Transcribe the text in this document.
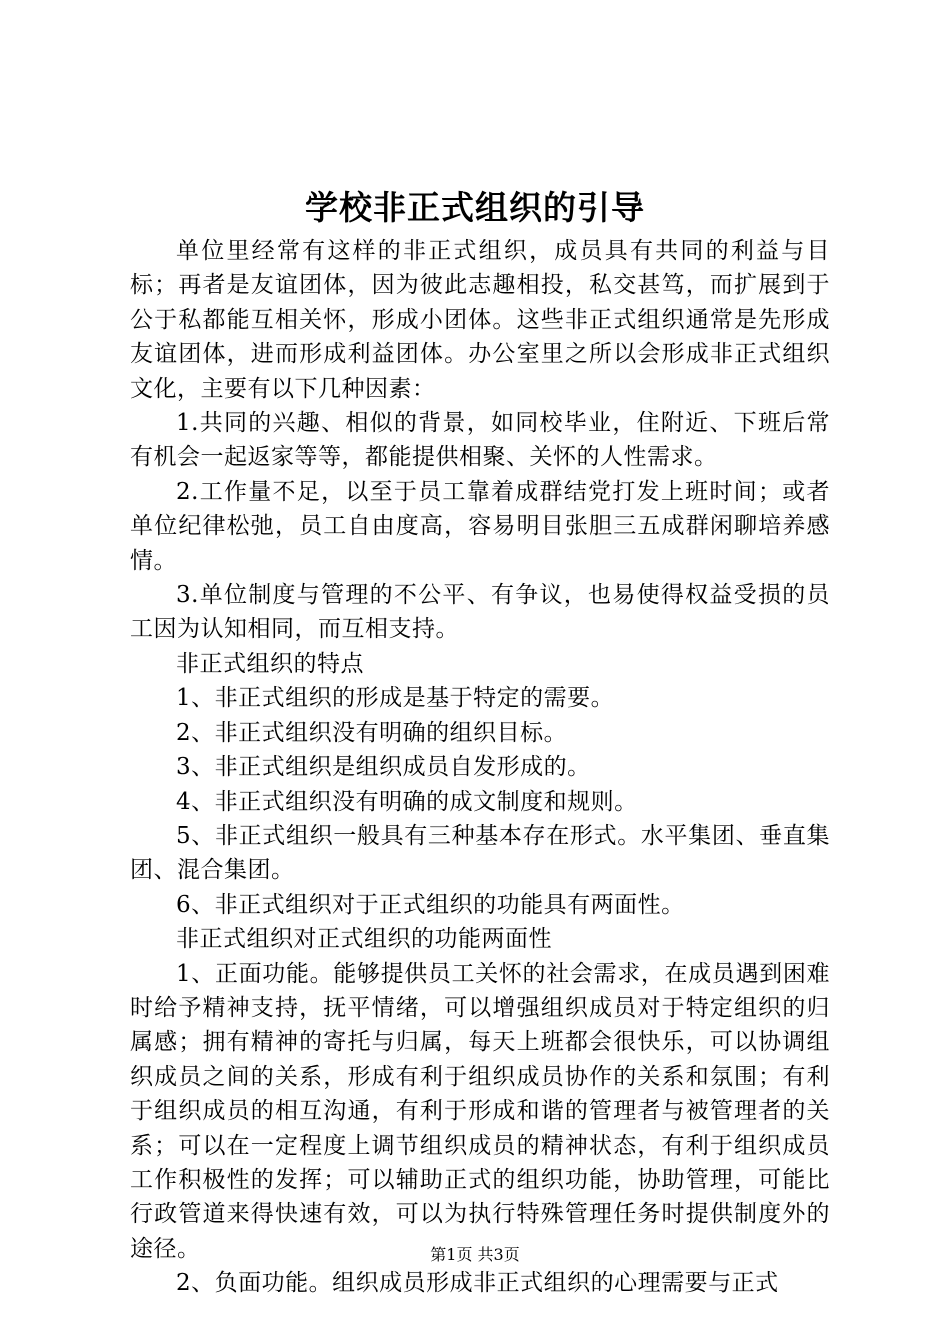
学校非正式组织的引导

单位里经常有这样的非正式组织，成员具有共同的利益与目标；再者是友谊团体，因为彼此志趣相投，私交甚笃，而扩展到于公于私都能互相关怀，形成小团体。这些非正式组织通常是先形成友谊团体，进而形成利益团体。办公室里之所以会形成非正式组织文化，主要有以下几种因素：

1.共同的兴趣、相似的背景，如同校毕业，住附近、下班后常有机会一起返家等等，都能提供相聚、关怀的人性需求。

2.工作量不足，以至于员工靠着成群结党打发上班时间；或者单位纪律松弛，员工自由度高，容易明目张胆三五成群闲聊培养感情。

3.单位制度与管理的不公平、有争议，也易使得权益受损的员工因为认知相同，而互相支持。

非正式组织的特点

1、非正式组织的形成是基于特定的需要。

2、非正式组织没有明确的组织目标。

3、非正式组织是组织成员自发形成的。

4、非正式组织没有明确的成文制度和规则。

5、非正式组织一般具有三种基本存在形式。水平集团、垂直集团、混合集团。

6、非正式组织对于正式组织的功能具有两面性。

非正式组织对正式组织的功能两面性

1、正面功能。能够提供员工关怀的社会需求，在成员遇到困难时给予精神支持，抚平情绪，可以增强组织成员对于特定组织的归属感；拥有精神的寄托与归属，每天上班都会很快乐，可以协调组织成员之间的关系，形成有利于组织成员协作的关系和氛围；有利于组织成员的相互沟通，有利于形成和谐的管理者与被管理者的关系；可以在一定程度上调节组织成员的精神状态，有利于组织成员工作积极性的发挥；可以辅助正式的组织功能，协助管理，可能比行政管道来得快速有效，可以为执行特殊管理任务时提供制度外的途径。

2、负面功能。组织成员形成非正式组织的心理需要与正式

第1页 共3页
